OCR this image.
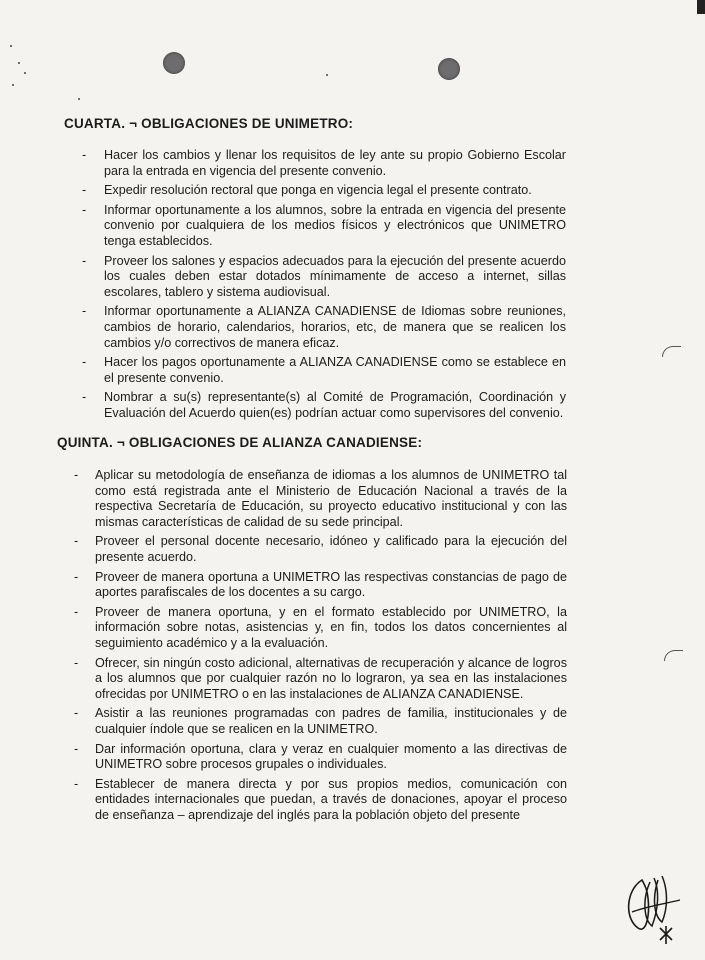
CUARTA. ¬ OBLIGACIONES DE UNIMETRO:
- Hacer los cambios y llenar los requisitos de ley ante su propio Gobierno Escolar para la entrada en vigencia del presente convenio.
- Expedir resolución rectoral que ponga en vigencia legal el presente contrato.
- Informar oportunamente a los alumnos, sobre la entrada en vigencia del presente convenio por cualquiera de los medios físicos y electrónicos que UNIMETRO tenga establecidos.
- Proveer los salones y espacios adecuados para la ejecución del presente acuerdo los cuales deben estar dotados mínimamente de acceso a internet, sillas escolares, tablero y sistema audiovisual.
- Informar oportunamente a ALIANZA CANADIENSE de Idiomas sobre reuniones, cambios de horario, calendarios, horarios, etc, de manera que se realicen los cambios y/o correctivos de manera eficaz.
- Hacer los pagos oportunamente a ALIANZA CANADIENSE como se establece en el presente convenio.
- Nombrar a su(s) representante(s) al Comité de Programación, Coordinación y Evaluación del Acuerdo quien(es) podrían actuar como supervisores del convenio.
QUINTA. ¬ OBLIGACIONES DE ALIANZA CANADIENSE:
- Aplicar su metodología de enseñanza de idiomas a los alumnos de UNIMETRO tal como está registrada ante el Ministerio de Educación Nacional a través de la respectiva Secretaría de Educación, su proyecto educativo institucional y con las mismas características de calidad de su sede principal.
- Proveer el personal docente necesario, idóneo y calificado para la ejecución del presente acuerdo.
- Proveer de manera oportuna a UNIMETRO las respectivas constancias de pago de aportes parafiscales de los docentes a su cargo.
- Proveer de manera oportuna, y en el formato establecido por UNIMETRO, la información sobre notas, asistencias y, en fin, todos los datos concernientes al seguimiento académico y a la evaluación.
- Ofrecer, sin ningún costo adicional, alternativas de recuperación y alcance de logros a los alumnos que por cualquier razón no lo lograron, ya sea en las instalaciones ofrecidas por UNIMETRO o en las instalaciones de ALIANZA CANADIENSE.
- Asistir a las reuniones programadas con padres de familia, institucionales y de cualquier índole que se realicen en la UNIMETRO.
- Dar información oportuna, clara y veraz en cualquier momento a las directivas de UNIMETRO sobre procesos grupales o individuales.
- Establecer de manera directa y por sus propios medios, comunicación con entidades internacionales que puedan, a través de donaciones, apoyar el proceso de enseñanza – aprendizaje del inglés para la población objeto del presente
